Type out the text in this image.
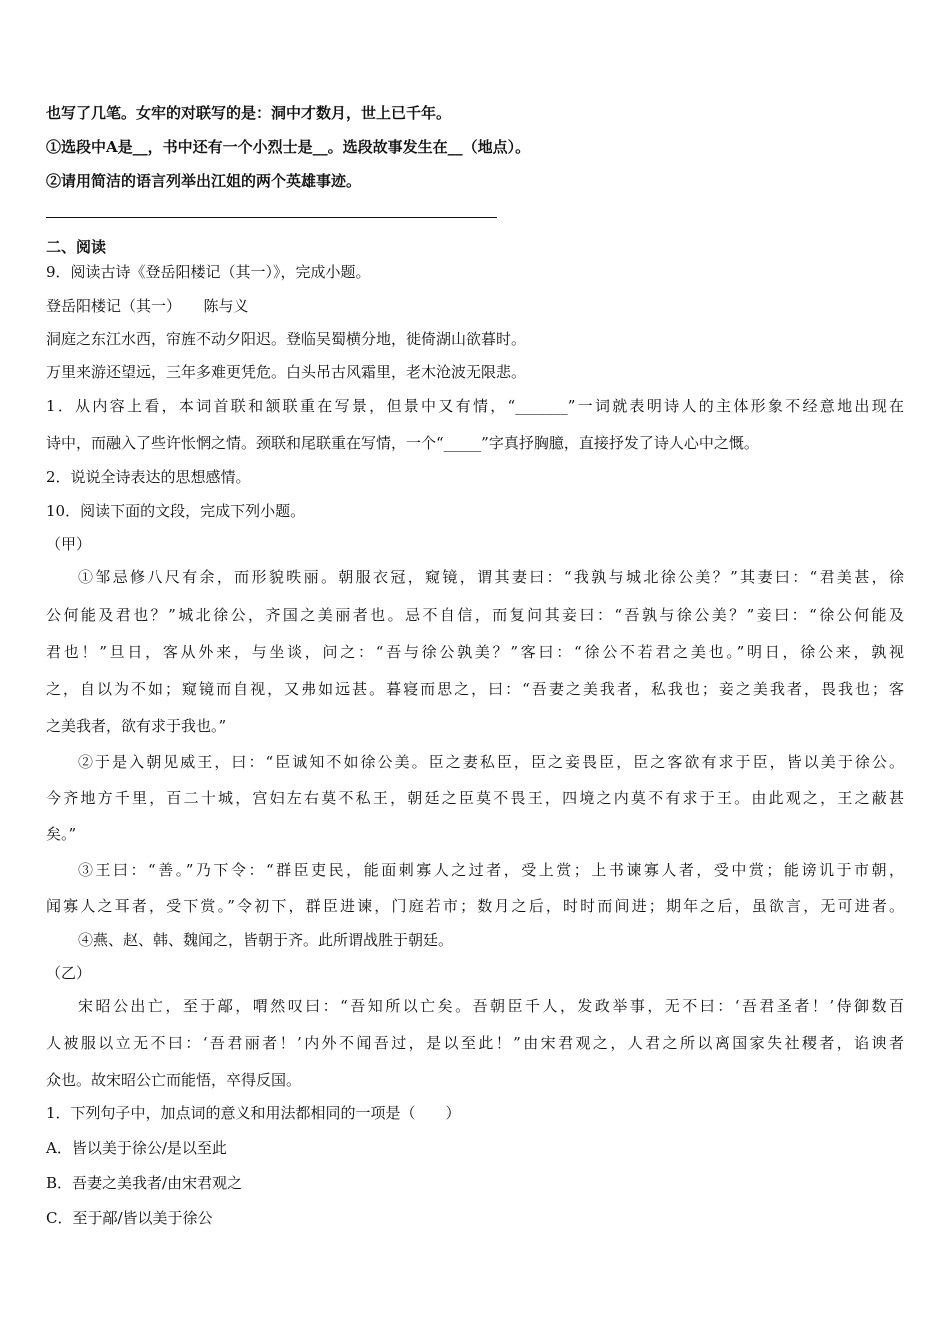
也写了几笔。女牢的对联写的是：洞中才数月，世上已千年。
①选段中A是__，书中还有一个小烈士是__。选段故事发生在__（地点）。
②请用简洁的语言列举出江姐的两个英雄事迹。
二、阅读
9．阅读古诗《登岳阳楼记（其一）》，完成小题。
登岳阳楼记（其一）　　陈与义
洞庭之东江水西，帘旌不动夕阳迟。登临吴蜀横分地，徙倚湖山欲暮时。
万里来游还望远，三年多难更凭危。白头吊古风霜里，老木沧波无限悲。
1．从内容上看，本词首联和颔联重在写景，但景中又有情，“_______”一词就表明诗人的主体形象不经意地出现在
诗中，而融入了些许怅惘之情。颈联和尾联重在写情，一个“_____”字真抒胸臆，直接抒发了诗人心中之慨。
2．说说全诗表达的思想感情。
10．阅读下面的文段，完成下列小题。
（甲）
①邹忌修八尺有余，而形貌昳丽。朝服衣冠，窥镜，谓其妻曰：“我孰与城北徐公美？”其妻曰：“君美甚，徐
公何能及君也？”城北徐公，齐国之美丽者也。忌不自信，而复问其妾曰：“吾孰与徐公美？”妾曰：“徐公何能及
君也！”旦日，客从外来，与坐谈，问之：“吾与徐公孰美？”客曰：“徐公不若君之美也。”明日，徐公来，孰视
之，自以为不如；窥镜而自视，又弗如远甚。暮寝而思之，曰：“吾妻之美我者，私我也；妾之美我者，畏我也；客
之美我者，欲有求于我也。”
②于是入朝见威王，曰：“臣诚知不如徐公美。臣之妻私臣，臣之妾畏臣，臣之客欲有求于臣，皆以美于徐公。
今齐地方千里，百二十城，宫妇左右莫不私王，朝廷之臣莫不畏王，四境之内莫不有求于王。由此观之，王之蔽甚
矣。”
③王曰：“善。”乃下令：“群臣吏民，能面刺寡人之过者，受上赏；上书谏寡人者，受中赏；能谤讥于市朝，
闻寡人之耳者，受下赏。”令初下，群臣进谏，门庭若市；数月之后，时时而间进；期年之后，虽欲言，无可进者。
④燕、赵、韩、魏闻之，皆朝于齐。此所谓战胜于朝廷。
（乙）
宋昭公出亡，至于鄗，喟然叹曰：“吾知所以亡矣。吾朝臣千人，发政举事，无不曰：‘吾君圣者！’侍御数百
人被服以立无不曰：‘吾君丽者！’内外不闻吾过，是以至此！”由宋君观之，人君之所以离国家失社稷者，谄谀者
众也。故宋昭公亡而能悟，卒得反国。
1．下列句子中，加点词的意义和用法都相同的一项是（　　）
A．皆以美于徐公/是以至此
B．吾妻之美我者/由宋君观之
C．至于鄗/皆以美于徐公
